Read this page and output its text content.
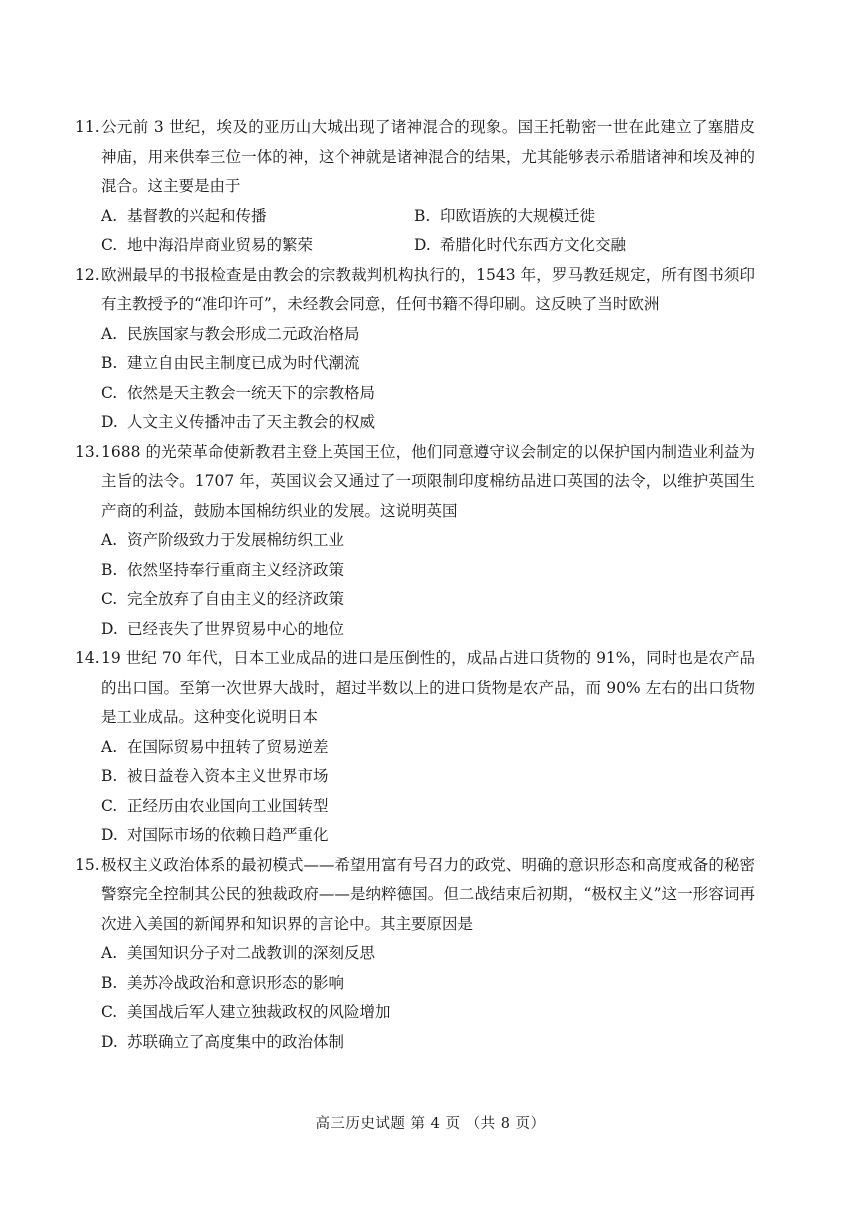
11. 公元前 3 世纪，埃及的亚历山大城出现了诸神混合的现象。国王托勒密一世在此建立了塞腊皮神庙，用来供奉三位一体的神，这个神就是诸神混合的结果，尤其能够表示希腊诸神和埃及神的混合。这主要是由于
A. 基督教的兴起和传播	B. 印欧语族的大规模迁徙
C. 地中海沿岸商业贸易的繁荣	D. 希腊化时代东西方文化交融
12. 欧洲最早的书报检查是由教会的宗教裁判机构执行的，1543 年，罗马教廷规定，所有图书须印有主教授予的“准印许可”，未经教会同意，任何书籍不得印刷。这反映了当时欧洲
A. 民族国家与教会形成二元政治格局
B. 建立自由民主制度已成为时代潮流
C. 依然是天主教会一统天下的宗教格局
D. 人文主义传播冲击了天主教会的权威
13. 1688 的光荣革命使新教君主登上英国王位，他们同意遵守议会制定的以保护国内制造业利益为主旨的法令。1707 年，英国议会又通过了一项限制印度棉纺品进口英国的法令，以维护英国生产商的利益，鼓励本国棉纺织业的发展。这说明英国
A. 资产阶级致力于发展棉纺织工业
B. 依然坚持奉行重商主义经济政策
C. 完全放弃了自由主义的经济政策
D. 已经丧失了世界贸易中心的地位
14. 19 世纪 70 年代，日本工业成品的进口是压倒性的，成品占进口货物的 91%，同时也是农产品的出口国。至第一次世界大战时，超过半数以上的进口货物是农产品，而 90% 左右的出口货物是工业成品。这种变化说明日本
A. 在国际贸易中扭转了贸易逆差
B. 被日益卷入资本主义世界市场
C. 正经历由农业国向工业国转型
D. 对国际市场的依赖日趋严重化
15. 极权主义政治体系的最初模式——希望用富有号召力的政党、明确的意识形态和高度戒备的秘密警察完全控制其公民的独裁政府——是纳粹德国。但二战结束后初期，“极权主义”这一形容词再次进入美国的新闻界和知识界的言论中。其主要原因是
A. 美国知识分子对二战教训的深刻反思
B. 美苏冷战政治和意识形态的影响
C. 美国战后军人建立独裁政权的风险增加
D. 苏联确立了高度集中的政治体制
高三历史试题 第 4 页 （共 8 页）
